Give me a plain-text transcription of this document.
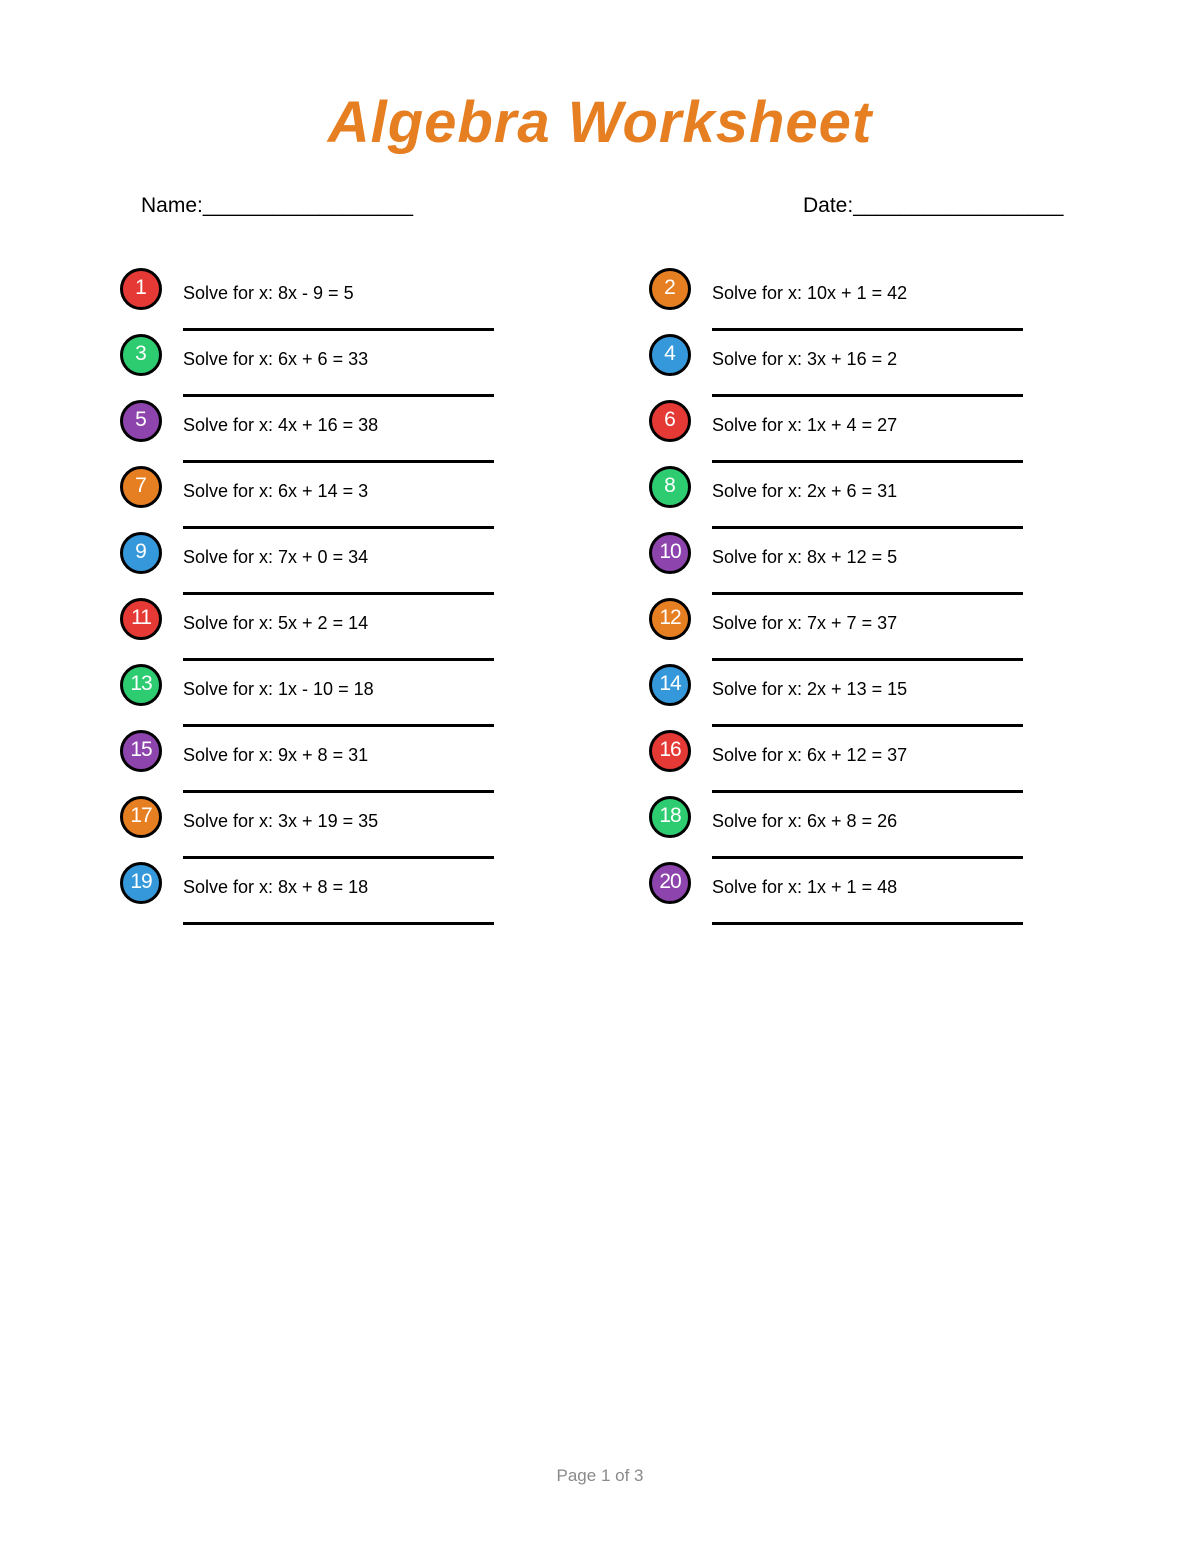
Algebra Worksheet
Name:__________________	Date:__________________
1	Solve for x: 8x - 9 = 5	2	Solve for x: 10x + 1 = 42
3	Solve for x: 6x + 6 = 33	4	Solve for x: 3x + 16 = 2
5	Solve for x: 4x + 16 = 38	6	Solve for x: 1x + 4 = 27
7	Solve for x: 6x + 14 = 3	8	Solve for x: 2x + 6 = 31
9	Solve for x: 7x + 0 = 34	10	Solve for x: 8x + 12 = 5
11	Solve for x: 5x + 2 = 14	12	Solve for x: 7x + 7 = 37
13	Solve for x: 1x - 10 = 18	14	Solve for x: 2x + 13 = 15
15	Solve for x: 9x + 8 = 31	16	Solve for x: 6x + 12 = 37
17	Solve for x: 3x + 19 = 35	18	Solve for x: 6x + 8 = 26
19	Solve for x: 8x + 8 = 18	20	Solve for x: 1x + 1 = 48
Page 1 of 3
